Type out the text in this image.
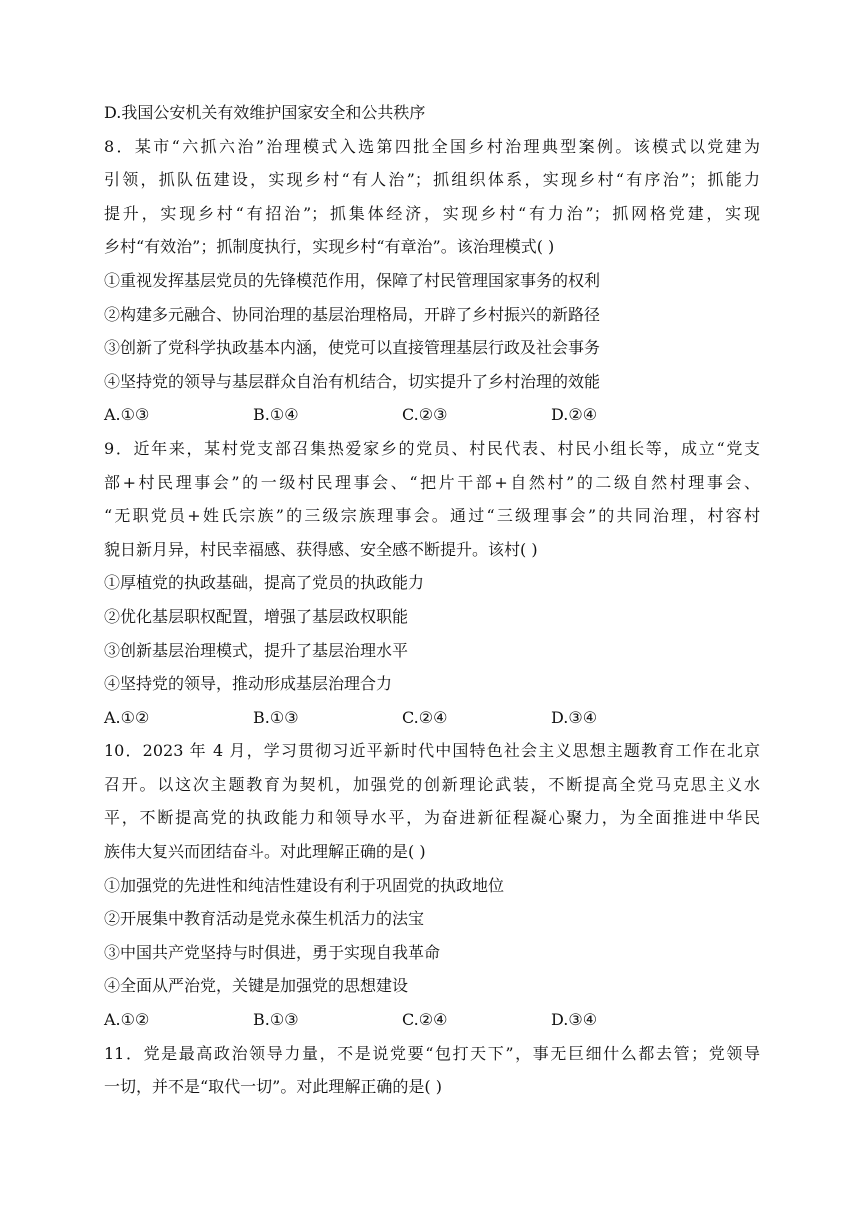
D.我国公安机关有效维护国家安全和公共秩序
8．某市“六抓六治”治理模式入选第四批全国乡村治理典型案例。该模式以党建为
引领，抓队伍建设，实现乡村“有人治”；抓组织体系，实现乡村“有序治”；抓能力
提升，实现乡村“有招治”；抓集体经济，实现乡村“有力治”；抓网格党建，实现
乡村“有效治”；抓制度执行，实现乡村“有章治”。该治理模式( )
①重视发挥基层党员的先锋模范作用，保障了村民管理国家事务的权利
②构建多元融合、协同治理的基层治理格局，开辟了乡村振兴的新路径
③创新了党科学执政基本内涵，使党可以直接管理基层行政及社会事务
④坚持党的领导与基层群众自治有机结合，切实提升了乡村治理的效能
A.①③	B.①④	C.②③	D.②④
9．近年来，某村党支部召集热爱家乡的党员、村民代表、村民小组长等，成立“党支
部+村民理事会”的一级村民理事会、“把片干部+自然村”的二级自然村理事会、
“无职党员+姓氏宗族”的三级宗族理事会。通过“三级理事会”的共同治理，村容村
貌日新月异，村民幸福感、获得感、安全感不断提升。该村( )
①厚植党的执政基础，提高了党员的执政能力
②优化基层职权配置，增强了基层政权职能
③创新基层治理模式，提升了基层治理水平
④坚持党的领导，推动形成基层治理合力
A.①②	B.①③	C.②④	D.③④
10．2023 年 4 月，学习贯彻习近平新时代中国特色社会主义思想主题教育工作在北京
召开。以这次主题教育为契机，加强党的创新理论武装，不断提高全党马克思主义水
平，不断提高党的执政能力和领导水平，为奋进新征程凝心聚力，为全面推进中华民
族伟大复兴而团结奋斗。对此理解正确的是( )
①加强党的先进性和纯洁性建设有利于巩固党的执政地位
②开展集中教育活动是党永葆生机活力的法宝
③中国共产党坚持与时俱进，勇于实现自我革命
④全面从严治党，关键是加强党的思想建设
A.①②	B.①③	C.②④	D.③④
11．党是最高政治领导力量，不是说党要“包打天下”，事无巨细什么都去管；党领导
一切，并不是“取代一切”。对此理解正确的是( )
